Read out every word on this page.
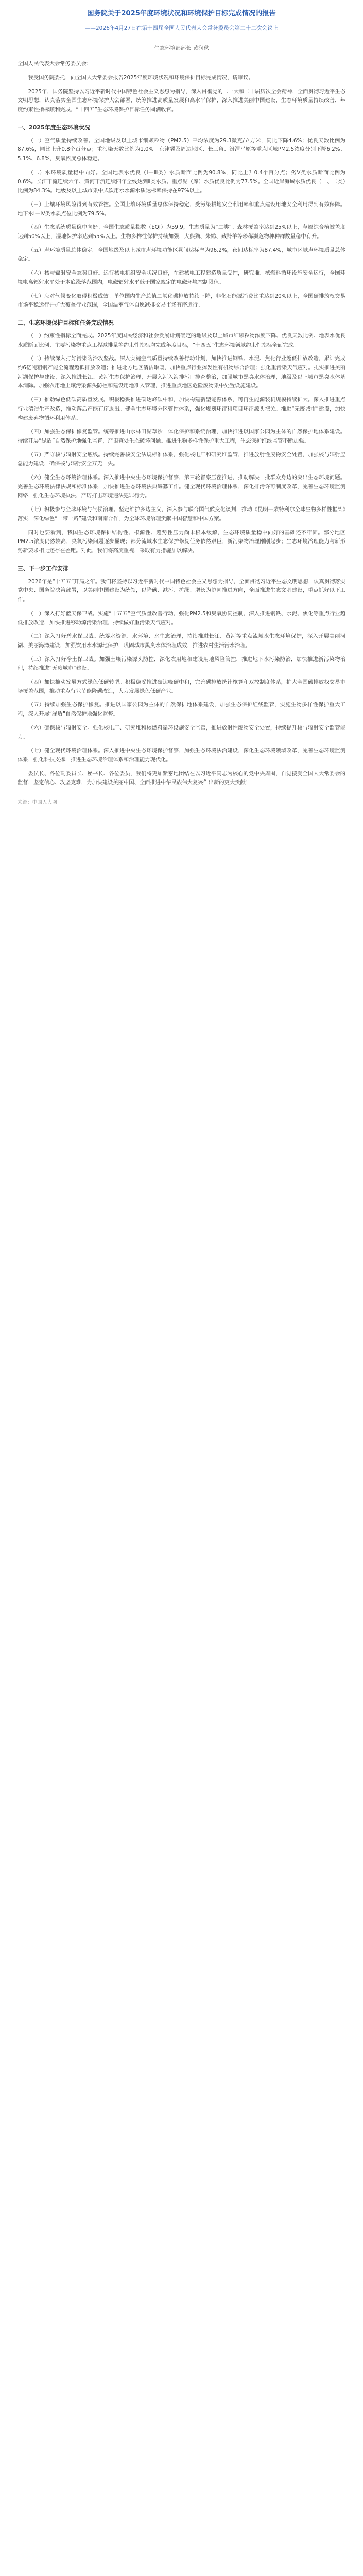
国务院关于2025年度环境状况和环境保护目标完成情况的报告
——2026年4月27日在第十四届全国人民代表大会常务委员会第二十二次会议上
生态环境部部长 黄润秋
全国人民代表大会常务委员会：
我受国务院委托，向全国人大常委会报告2025年度环境状况和环境保护目标完成情况，请审议。
2025年，国务院坚持以习近平新时代中国特色社会主义思想为指导，深入贯彻党的二十大和二十届历次全会精神，全面贯彻习近平生态文明思想，认真落实全国生态环境保护大会部署，统筹推进高质量发展和高水平保护，深入推进美丽中国建设，生态环境质量持续改善，年度约束性指标顺利完成，“十四五”生态环境保护目标任务圆满收官。
一、2025年度生态环境状况
（一）空气质量持续改善。全国地级及以上城市细颗粒物（PM2.5）平均浓度为29.3微克/立方米，同比下降4.6%；优良天数比例为87.6%，同比上升0.8个百分点；重污染天数比例为1.0%。京津冀及周边地区、长三角、汾渭平原等重点区域PM2.5浓度分别下降6.2%、5.1%、6.8%，臭氧浓度总体稳定。
（二）水环境质量稳中向好。全国地表水优良（Ⅰ—Ⅲ类）水质断面比例为90.8%，同比上升0.4个百分点；劣Ⅴ类水质断面比例为0.6%。长江干流连续六年、黄河干流连续四年全线达到Ⅱ类水质。重点湖（库）水质优良比例为77.5%。全国近岸海域水质优良（一、二类）比例为84.3%。地级及以上城市集中式饮用水水源水质达标率保持在97%以上。
（三）土壤环境风险得到有效管控。全国土壤环境质量总体保持稳定，受污染耕地安全利用率和重点建设用地安全利用得到有效保障。地下水Ⅰ—Ⅳ类水质点位比例为79.5%。
（四）生态系统质量稳中向好。全国生态质量指数（EQI）为59.9，生态质量为“二类”。森林覆盖率达到25%以上，草原综合植被盖度达到50%以上，湿地保护率达到55%以上。生物多样性保护持续加强，大熊猫、朱鹮、藏羚羊等珍稀濒危物种种群数量稳中有升。
（五）声环境质量总体稳定。全国地级及以上城市声环境功能区昼间达标率为96.2%，夜间达标率为87.4%，城市区域声环境质量总体稳定。
（六）核与辐射安全态势良好。运行核电机组安全状况良好，在建核电工程建造质量受控，研究堆、核燃料循环设施安全运行，全国环境电离辐射水平处于本底涨落范围内，电磁辐射水平低于国家规定的电磁环境控制限值。
（七）应对气候变化取得积极成效。单位国内生产总值二氧化碳排放持续下降，非化石能源消费比重达到20%以上，全国碳排放权交易市场平稳运行并扩大覆盖行业范围，全国温室气体自愿减排交易市场有序运行。
二、生态环境保护目标和任务完成情况
（一）约束性指标全面完成。2025年度国民经济和社会发展计划确定的地级及以上城市细颗粒物浓度下降、优良天数比例、地表水优良水质断面比例、主要污染物重点工程减排量等约束性指标均完成年度目标，“十四五”生态环境领域约束性指标全面完成。
（二）持续深入打好污染防治攻坚战。深入实施空气质量持续改善行动计划，加快推进钢铁、水泥、焦化行业超低排放改造，累计完成约6亿吨粗钢产能全流程超低排放改造；推进北方地区清洁取暖，加快重点行业挥发性有机物综合治理；强化重污染天气应对。扎实推进美丽河湖保护与建设，深入推进长江、黄河生态保护治理，开展入河入海排污口排查整治，加强城市黑臭水体治理，地级及以上城市黑臭水体基本消除。加强农用地土壤污染源头防控和建设用地准入管理，推进重点地区危险废物集中处置设施建设。
（三）推动绿色低碳高质量发展。积极稳妥推进碳达峰碳中和，加快构建新型能源体系，可再生能源装机规模持续扩大。深入推进重点行业清洁生产改造，推动落后产能有序退出。健全生态环境分区管控体系，强化规划环评和项目环评源头把关。推进“无废城市”建设，加快构建废弃物循环利用体系。
（四）加强生态保护修复监管。统筹推进山水林田湖草沙一体化保护和系统治理，加快推进以国家公园为主体的自然保护地体系建设。持续开展“绿盾”自然保护地强化监督，严肃查处生态破坏问题。推进生物多样性保护重大工程，生态保护红线监管不断加强。
（五）严守核与辐射安全底线。持续完善核安全法规标准体系，强化核电厂和研究堆监管，推进放射性废物安全处置，加强核与辐射应急能力建设，确保核与辐射安全万无一失。
（六）健全生态环境治理体系。深入推进中央生态环境保护督察，第三轮督察压茬推进，推动解决一批群众身边的突出生态环境问题。完善生态环境法律法规和标准体系，加快推进生态环境法典编纂工作。健全现代环境治理体系，深化排污许可制度改革，完善生态环境监测网络，强化生态环境执法，严厉打击环境违法犯罪行为。
（七）积极参与全球环境与气候治理。坚定维护多边主义，深入参与联合国气候变化谈判，推动《昆明—蒙特利尔全球生物多样性框架》落实，深化绿色“一带一路”建设和南南合作，为全球环境治理贡献中国智慧和中国方案。
同时也要看到，我国生态环境保护结构性、根源性、趋势性压力尚未根本缓解，生态环境质量稳中向好的基础还不牢固。部分地区PM2.5浓度仍然较高，臭氧污染问题逐步显现；部分流域水生态保护修复任务依然艰巨；新污染物治理刚刚起步；生态环境治理能力与新形势新要求相比还存在差距。对此，我们将高度重视，采取有力措施加以解决。
三、下一步工作安排
2026年是“十五五”开局之年。我们将坚持以习近平新时代中国特色社会主义思想为指导，全面贯彻习近平生态文明思想，认真贯彻落实党中央、国务院决策部署，以美丽中国建设为统领，以降碳、减污、扩绿、增长为协同推进方向，全面推进生态文明建设，重点抓好以下工作。
（一）深入打好蓝天保卫战。实施“十五五”空气质量改善行动，强化PM2.5和臭氧协同控制，深入推进钢铁、水泥、焦化等重点行业超低排放改造，加快推进移动源污染治理，持续做好重污染天气应对。
（二）深入打好碧水保卫战。统筹水资源、水环境、水生态治理，持续推进长江、黄河等重点流域水生态环境保护，深入开展美丽河湖、美丽海湾建设，加强饮用水水源地保护，巩固城市黑臭水体治理成效，推进农村生活污水治理。
（三）深入打好净土保卫战。加强土壤污染源头防控，深化农用地和建设用地风险管控，推进地下水污染防治，加快推进新污染物治理，持续推进“无废城市”建设。
（四）加快推动发展方式绿色低碳转型。积极稳妥推进碳达峰碳中和，完善碳排放统计核算和双控制度体系，扩大全国碳排放权交易市场覆盖范围，推动重点行业节能降碳改造，大力发展绿色低碳产业。
（五）持续加强生态保护修复。推进以国家公园为主体的自然保护地体系建设，加强生态保护红线监管，实施生物多样性保护重大工程，深入开展“绿盾”自然保护地强化监督。
（六）确保核与辐射安全。强化核电厂、研究堆和核燃料循环设施安全监管，推进放射性废物安全处置，持续提升核与辐射安全监管能力。
（七）健全现代环境治理体系。深入推进中央生态环境保护督察，加强生态环境法治建设，深化生态环境领域改革，完善生态环境监测体系，强化科技支撑，推进生态环境治理体系和治理能力现代化。
委员长、各位副委员长、秘书长、各位委员，我们将更加紧密地团结在以习近平同志为核心的党中央周围，自觉接受全国人大常委会的监督，坚定信心、攻坚克难，为加快建设美丽中国、全面推进中华民族伟大复兴作出新的更大贡献！
来源：中国人大网
